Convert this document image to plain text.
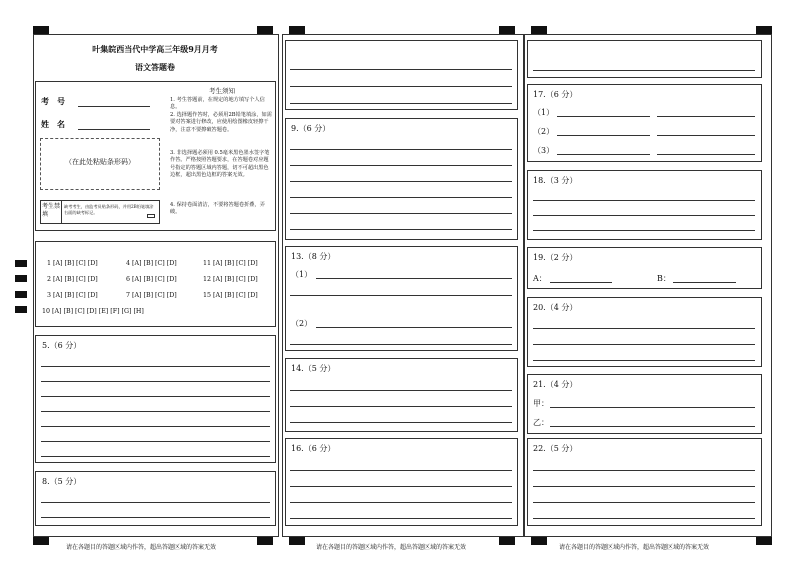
叶集皖西当代中学高三年级9月月考
语文答题卷
考　号
姓　名
（在此处粘贴条形码）
考生禁填
缺考考生，由监考员贴条形码，并用2B铅笔填涂右面的缺考标记。
考生须知
1. 考生答题前，在规定的地方填写个人信息。
2. 选择题作答时，必须用2B铅笔填涂，如需要对答案进行修改，应使用绘图橡皮轻擦干净，注意不要擦破答题卷。
3. 非选择题必须用 0.5毫米黑色墨水签字笔作答。严格按照答题要求，在答题卷对应题号指定的答题区域内答题，切不可超出黑色边框，超出黑色边框的答案无效。
4. 保持卷面清洁，不要将答题卷折叠，弄破。
1 [A] [B] [C] [D]	4 [A] [B] [C] [D]	11 [A] [B] [C] [D]
2 [A] [B] [C] [D]	6 [A] [B] [C] [D]	12 [A] [B] [C] [D]
3 [A] [B] [C] [D]	7 [A] [B] [C] [D]	15 [A] [B] [C] [D]
10 [A] [B] [C] [D] [E] [F] [G] [H]
5.（6 分）
8.（5 分）
请在各题目的答题区域内作答，超出答题区域的答案无效
9.（6 分）
13.（8 分）
（1）
（2）
14.（5 分）
16.（6 分）
请在各题目的答题区域内作答，超出答题区域的答案无效
17.（6 分）
（1）
（2）
（3）
18.（3 分）
19.（2 分）
A：	B：
20.（4 分）
21.（4 分）
甲：
乙：
22.（5 分）
请在各题目的答题区域内作答，超出答题区域的答案无效
